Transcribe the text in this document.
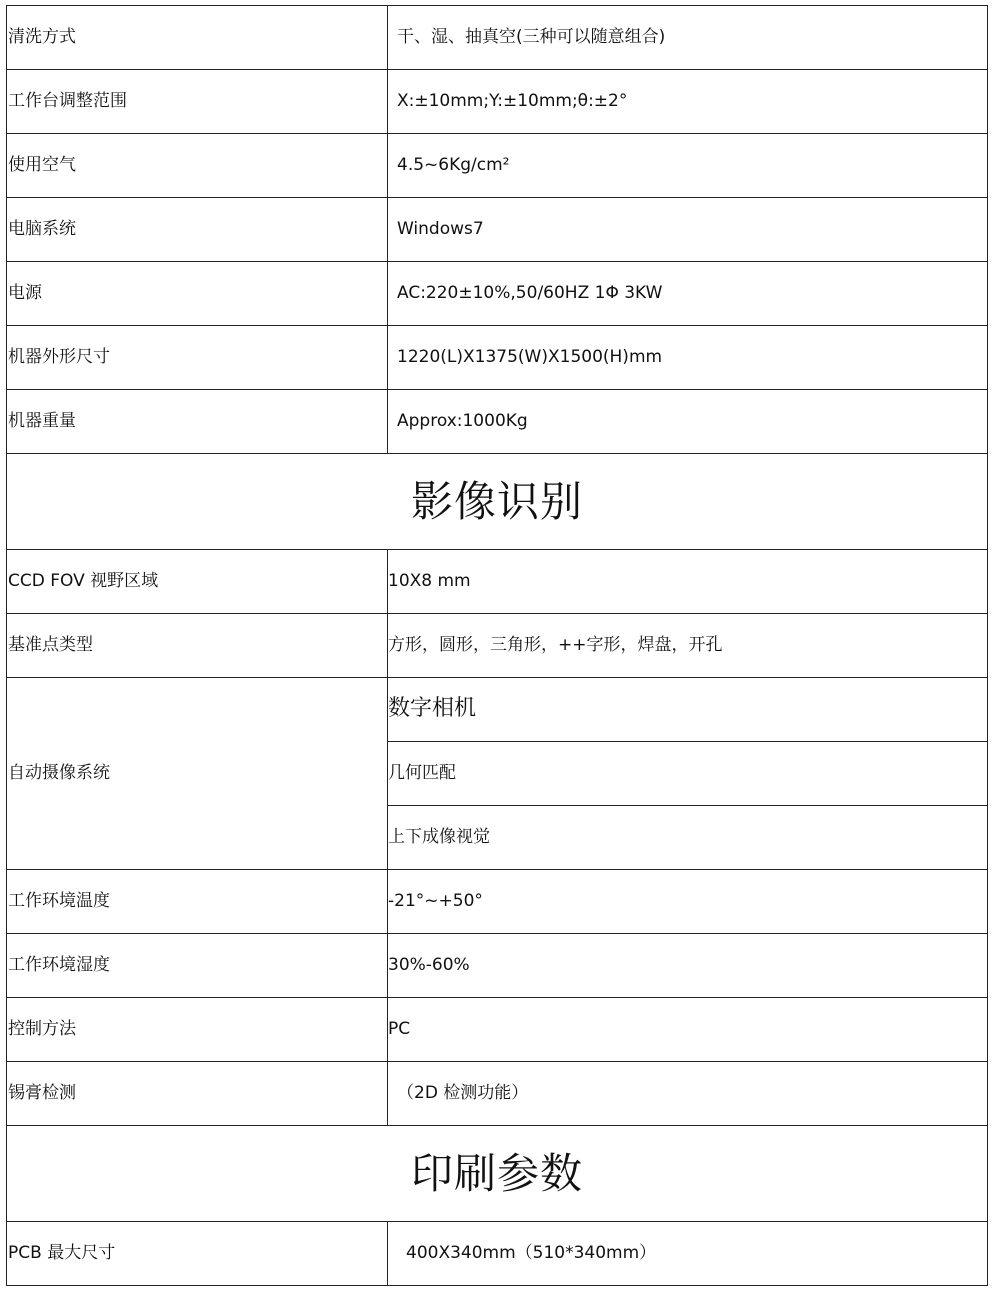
清洗方式	干、湿、抽真空(三种可以随意组合)
工作台调整范围	X:±10mm;Y:±10mm;θ:±2°
使用空气	4.5~6Kg/cm²
电脑系统	Windows7
电源	AC:220±10%,50/60HZ 1Φ 3KW
机器外形尺寸	1220(L)X1375(W)X1500(H)mm
机器重量	Approx:1000Kg
影像识别	
CCD FOV 视野区域	10X8 mm
基准点类型	方形，圆形，三角形，++字形，焊盘，开孔
自动摄像系统	数字相机
	几何匹配
	上下成像视觉
工作环境温度	-21°~+50°
工作环境湿度	30%-60%
控制方法	PC
锡膏检测	（2D 检测功能）
印刷参数	
PCB 最大尺寸	400X340mm（510*340mm）
